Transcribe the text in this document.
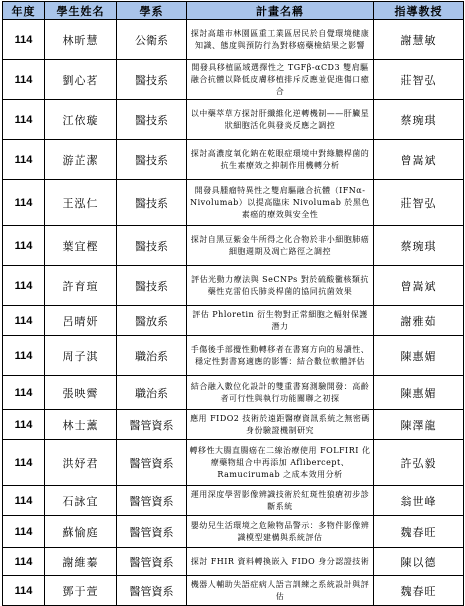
年度	學生姓名	學系	計畫名稱	指導教授
114	林昕慧	公衛系	探討高雄市林園區重工業區居民於自覺環境健康知識、態度與預防行為對移癌藥檢結果之影響	謝慧敏
114	劉心茗	醫技系	開發具移植區域選擇性之 TGFβ-αCD3 雙肩驅融合抗體以降低皮膚移植排斥反應並促進傷口癒合	莊智弘
114	江依璇	醫技系	以中藥萃草方探討肝纖維化逆轉機制——肝臟星狀細胞活化與發炎反應之調控	蔡琬琪
114	游芷潔	醫技系	探討高濃度氧化鈉在乾眼症環境中對綠膿桿菌的抗生素療效之抑制作用機轉分析	曾嵩斌
114	王泓仁	醫技系	開發具腫瘤特異性之雙肩驅融合抗體（IFNα-Nivolumab）以提高臨床 Nivolumab 於黑色素癌的療效與安全性	莊智弘
114	葉宜樫	醫技系	探討自黑豆紫金牛所得之化合物於非小細胞肺癌細胞週期及凋亡路徑之調控	蔡琬琪
114	許育瑄	醫技系	評估光動力療法與 SeCNPs 對於硫酸黴核類抗藥性克雷伯氏肺炎桿菌的協同抗菌效果	曾嵩斌
114	呂晴妍	醫放系	評估 Phloretin 衍生物對正常細胞之輻射保護潛力	謝雅茹
114	周子淇	職治系	手傷後手部攪性動轉移者在書寫方向的易讀性、穩定性對書寫適應的影響：結合數位軟體評估	陳惠媚
114	張映霽	職治系	結合融入數位化設計的雙重書寫測驗開發：高齡者可行性與執行功能關聯之初探	陳惠媚
114	林士薰	醫管資系	應用 FIDO2 技術於遠距醫療資訊系統之無密碼身份驗證機制研究	陳澤龍
114	洪妤君	醫管資系	轉移性大腸直腸癌在二線治療使用 FOLFIRI 化療藥物組合中再添加 Aflibercept、Ramucirumab 之成本效用分析	許弘毅
114	石詠宜	醫管資系	運用深度學習影像辨識技術於紅斑性狼瘡初步診斷系統	翁世峰
114	蘇愉庭	醫管資系	嬰幼兒生活環境之危險物品警示：多物件影像辨識模型建構與系統評估	魏春旺
114	謝維蓁	醫管資系	探討 FHIR 資料轉換嵌入 FIDO 身分認證技術	陳以德
114	鄧于萱	醫管資系	機器人輔助失語症病人語言訓練之系統設計與評估	魏春旺
